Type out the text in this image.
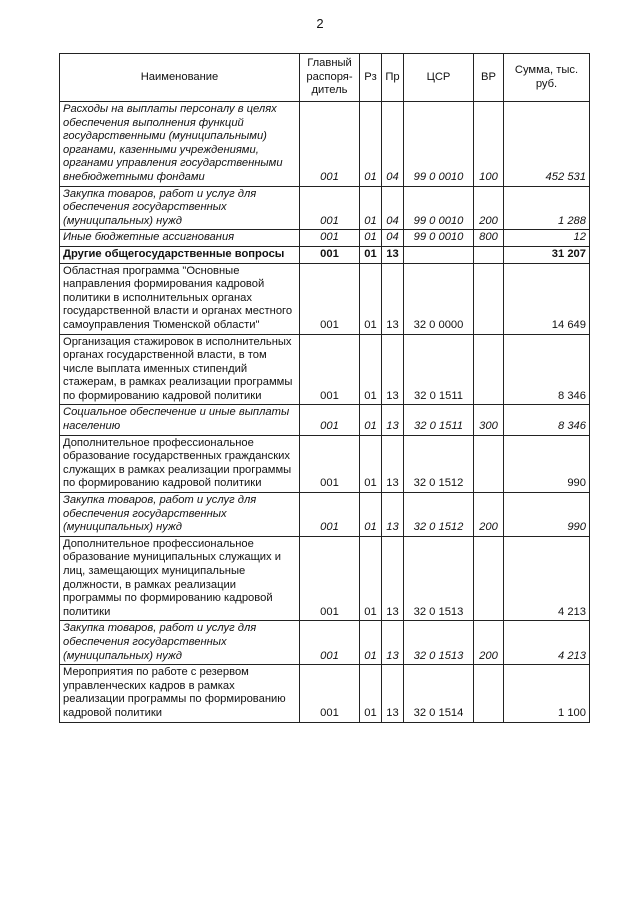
2
Наименование	Главный распоря-дитель	Рз	Пр	ЦСР	ВР	Сумма, тыс. руб.
Расходы на выплаты персоналу в целях обеспечения выполнения функций государственными (муниципальными) органами, казенными учреждениями, органами управления государственными внебюджетными фондами	001	01	04	99 0 0010	100	452 531
Закупка товаров, работ и услуг для обеспечения государственных (муниципальных) нужд	001	01	04	99 0 0010	200	1 288
Иные бюджетные ассигнования	001	01	04	99 0 0010	800	12
Другие общегосударственные вопросы	001	01	13			31 207
Областная программа "Основные направления формирования кадровой политики в исполнительных органах государственной власти и органах местного самоуправления Тюменской области"	001	01	13	32 0 0000		14 649
Организация стажировок в исполнительных органах государственной власти, в том числе выплата именных стипендий стажерам, в рамках реализации программы по формированию кадровой политики	001	01	13	32 0 1511		8 346
Социальное обеспечение и иные выплаты населению	001	01	13	32 0 1511	300	8 346
Дополнительное профессиональное образование государственных гражданских служащих в рамках реализации программы по формированию кадровой политики	001	01	13	32 0 1512		990
Закупка товаров, работ и услуг для обеспечения государственных (муниципальных) нужд	001	01	13	32 0 1512	200	990
Дополнительное профессиональное образование муниципальных служащих и лиц, замещающих муниципальные должности, в рамках реализации программы по формированию кадровой политики	001	01	13	32 0 1513		4 213
Закупка товаров, работ и услуг для обеспечения государственных (муниципальных) нужд	001	01	13	32 0 1513	200	4 213
Мероприятия по работе с резервом управленческих кадров в рамках реализации программы по формированию кадровой политики	001	01	13	32 0 1514		1 100
